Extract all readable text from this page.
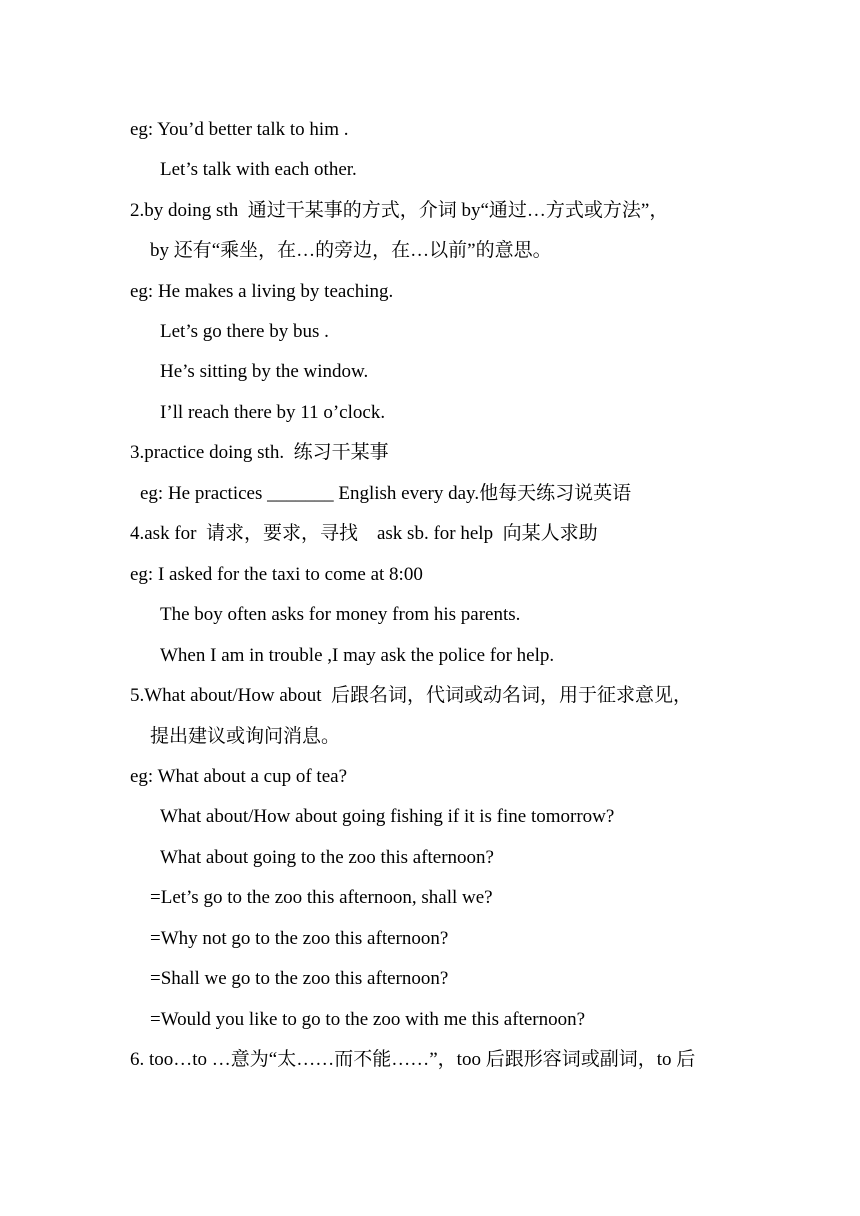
eg: You’d better talk to him .
Let’s talk with each other.
2.by doing sth  通过干某事的方式，介词 by“通过…方式或方法”，
by 还有“乘坐，在…的旁边，在…以前”的意思。
eg: He makes a living by teaching.
Let’s go there by bus .
He’s sitting by the window.
I’ll reach there by 11 o’clock.
3.practice doing sth.  练习干某事
eg: He practices _______ English every day.他每天练习说英语
4.ask for  请求，要求，寻找    ask sb. for help  向某人求助
eg: I asked for the taxi to come at 8:00
The boy often asks for money from his parents.
When I am in trouble ,I may ask the police for help.
5.What about/How about  后跟名词，代词或动名词，用于征求意见，
提出建议或询问消息。
eg: What about a cup of tea?
What about/How about going fishing if it is fine tomorrow?
What about going to the zoo this afternoon?
=Let’s go to the zoo this afternoon, shall we?
=Why not go to the zoo this afternoon?
=Shall we go to the zoo this afternoon?
=Would you like to go to the zoo with me this afternoon?
6. too…to …意为“太……而不能……”，too 后跟形容词或副词，to 后
